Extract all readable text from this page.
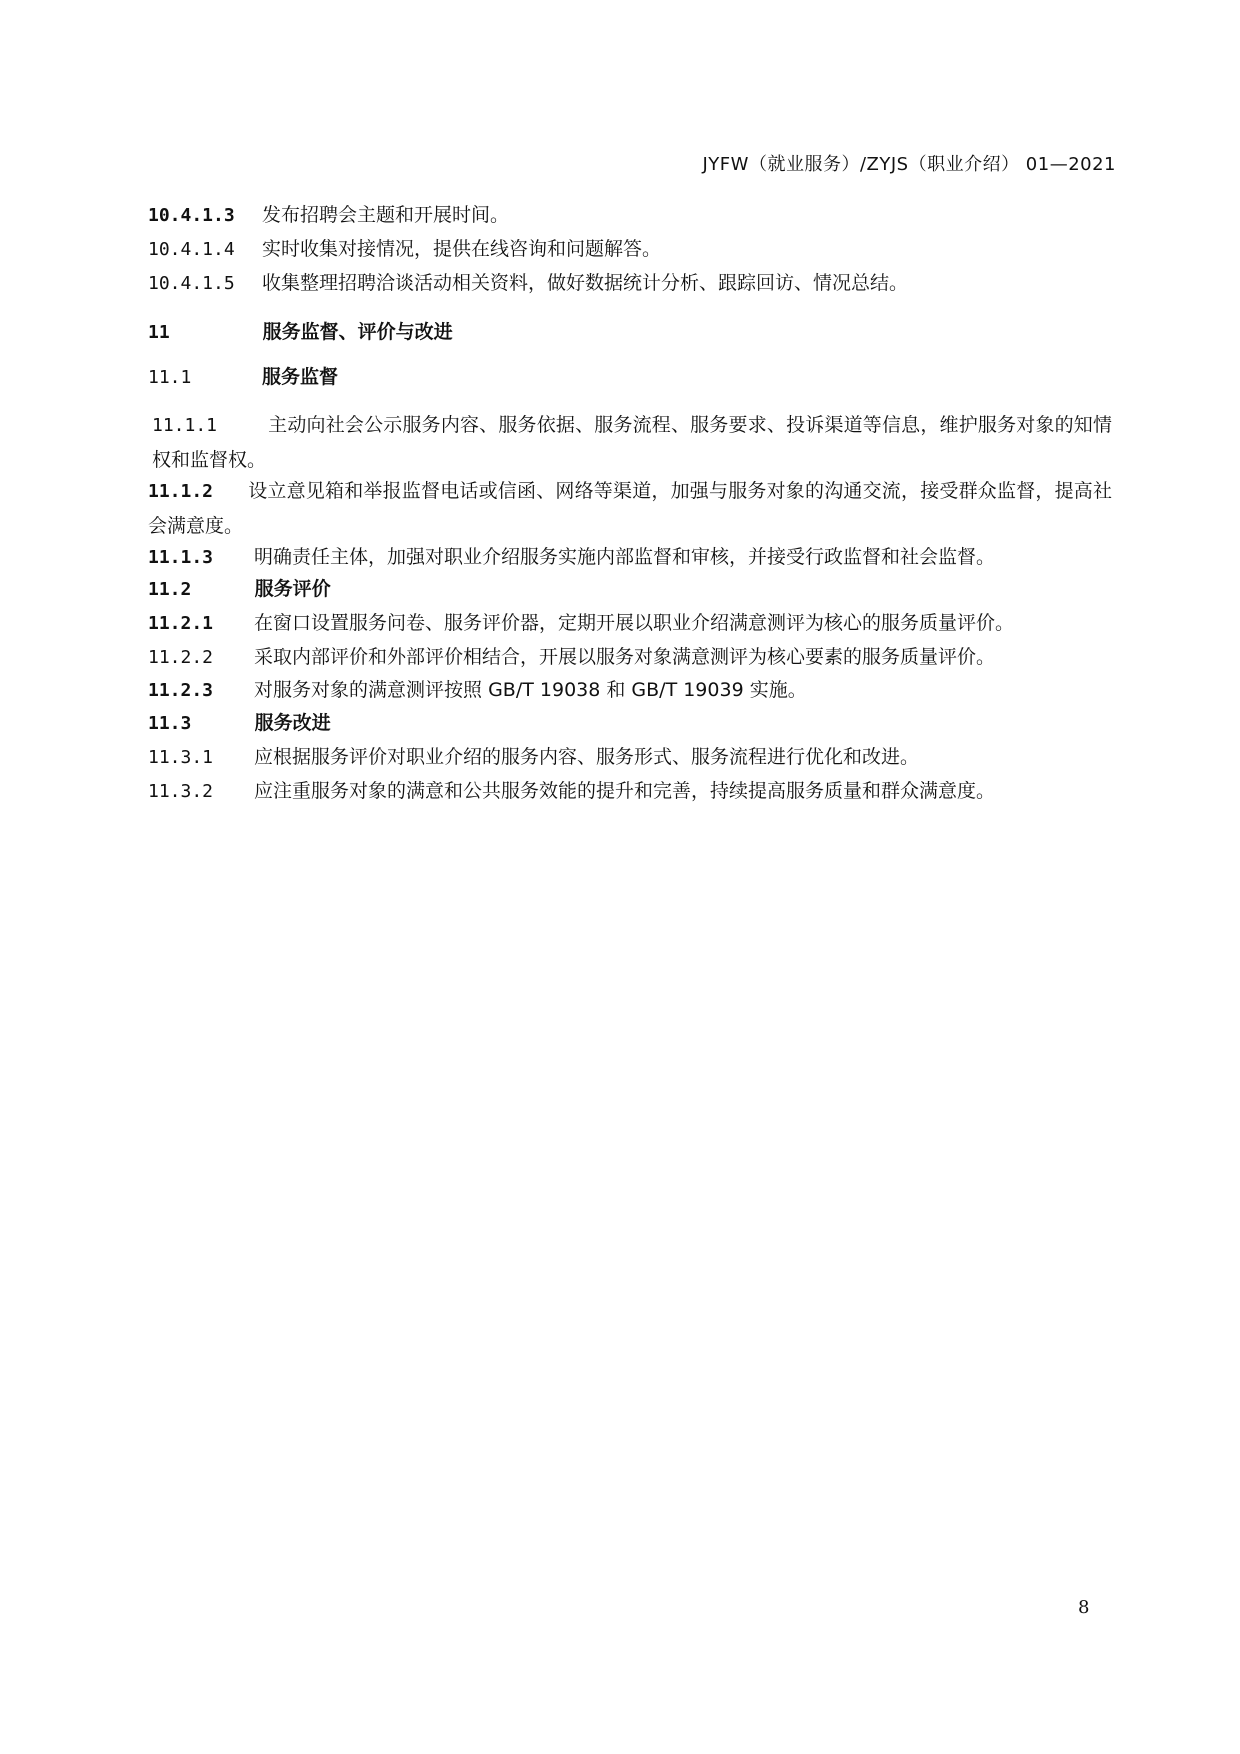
JYFW（就业服务）/ZYJS（职业介绍） 01—2021
10.4.1.3 发布招聘会主题和开展时间。
10.4.1.4 实时收集对接情况，提供在线咨询和问题解答。
10.4.1.5 收集整理招聘洽谈活动相关资料，做好数据统计分析、跟踪回访、情况总结。
11	服务监督、评价与改进
11.1	服务监督
11.1.1	主动向社会公示服务内容、服务依据、服务流程、服务要求、投诉渠道等信息，维护服务对象的知情权和监督权。
11.1.2 设立意见箱和举报监督电话或信函、网络等渠道，加强与服务对象的沟通交流，接受群众监督，提高社会满意度。
11.1.3 明确责任主体，加强对职业介绍服务实施内部监督和审核，并接受行政监督和社会监督。
11.2	服务评价
11.2.1 在窗口设置服务问卷、服务评价器，定期开展以职业介绍满意测评为核心的服务质量评价。
11.2.2 采取内部评价和外部评价相结合，开展以服务对象满意测评为核心要素的服务质量评价。
11.2.3 对服务对象的满意测评按照 GB/T 19038 和 GB/T 19039 实施。
11.3	服务改进
11.3.1 应根据服务评价对职业介绍的服务内容、服务形式、服务流程进行优化和改进。
11.3.2 应注重服务对象的满意和公共服务效能的提升和完善，持续提高服务质量和群众满意度。
8
